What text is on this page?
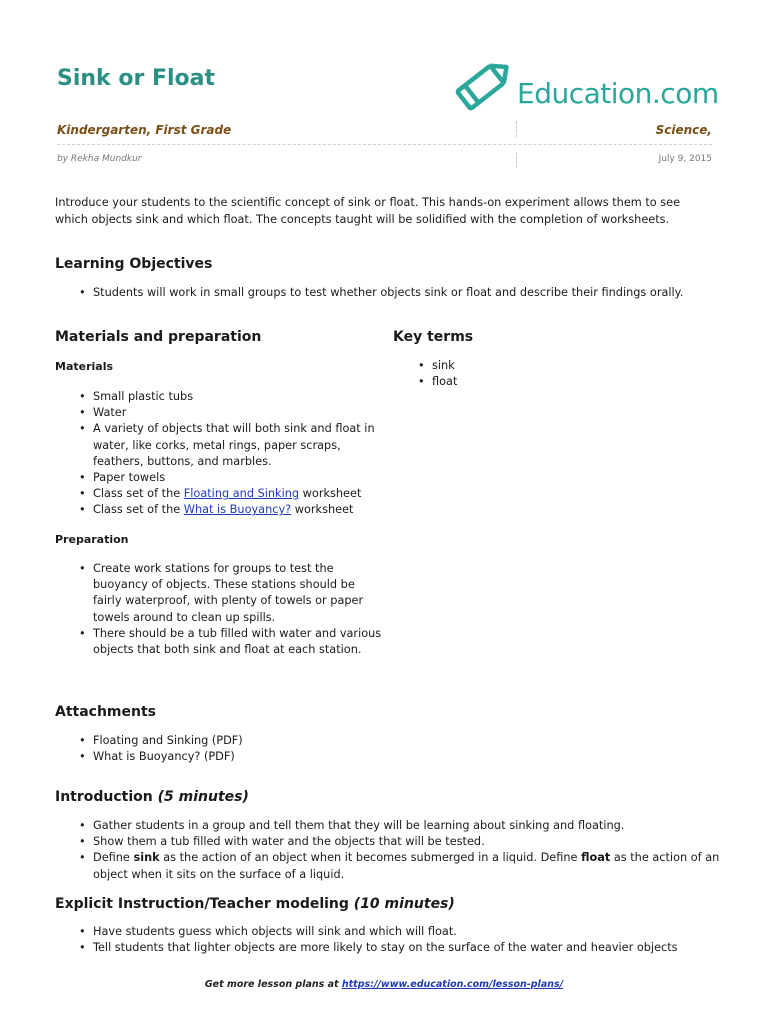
Sink or Float	Education.com
Kindergarten, First Grade	Science,
by Rekha Mundkur	July 9, 2015

Introduce your students to the scientific concept of sink or float. This hands-on experiment allows them to see which objects sink and which float. The concepts taught will be solidified with the completion of worksheets.

Learning Objectives
• Students will work in small groups to test whether objects sink or float and describe their findings orally.
Materials and preparation
Materials
• Small plastic tubs
• Water
• A variety of objects that will both sink and float in water, like corks, metal rings, paper scraps, feathers, buttons, and marbles.
• Paper towels
• Class set of the Floating and Sinking worksheet
• Class set of the What is Buoyancy? worksheet
Preparation
• Create work stations for groups to test the buoyancy of objects. These stations should be fairly waterproof, with plenty of towels or paper towels around to clean up spills.
• There should be a tub filled with water and various objects that both sink and float at each station.
Key terms
• sink
• float
Attachments
• Floating and Sinking (PDF)
• What is Buoyancy? (PDF)
Introduction (5 minutes)
• Gather students in a group and tell them that they will be learning about sinking and floating.
• Show them a tub filled with water and the objects that will be tested.
• Define sink as the action of an object when it becomes submerged in a liquid. Define float as the action of an object when it sits on the surface of a liquid.
Explicit Instruction/Teacher modeling (10 minutes)
• Have students guess which objects will sink and which will float.
• Tell students that lighter objects are more likely to stay on the surface of the water and heavier objects
Get more lesson plans at https://www.education.com/lesson-plans/
